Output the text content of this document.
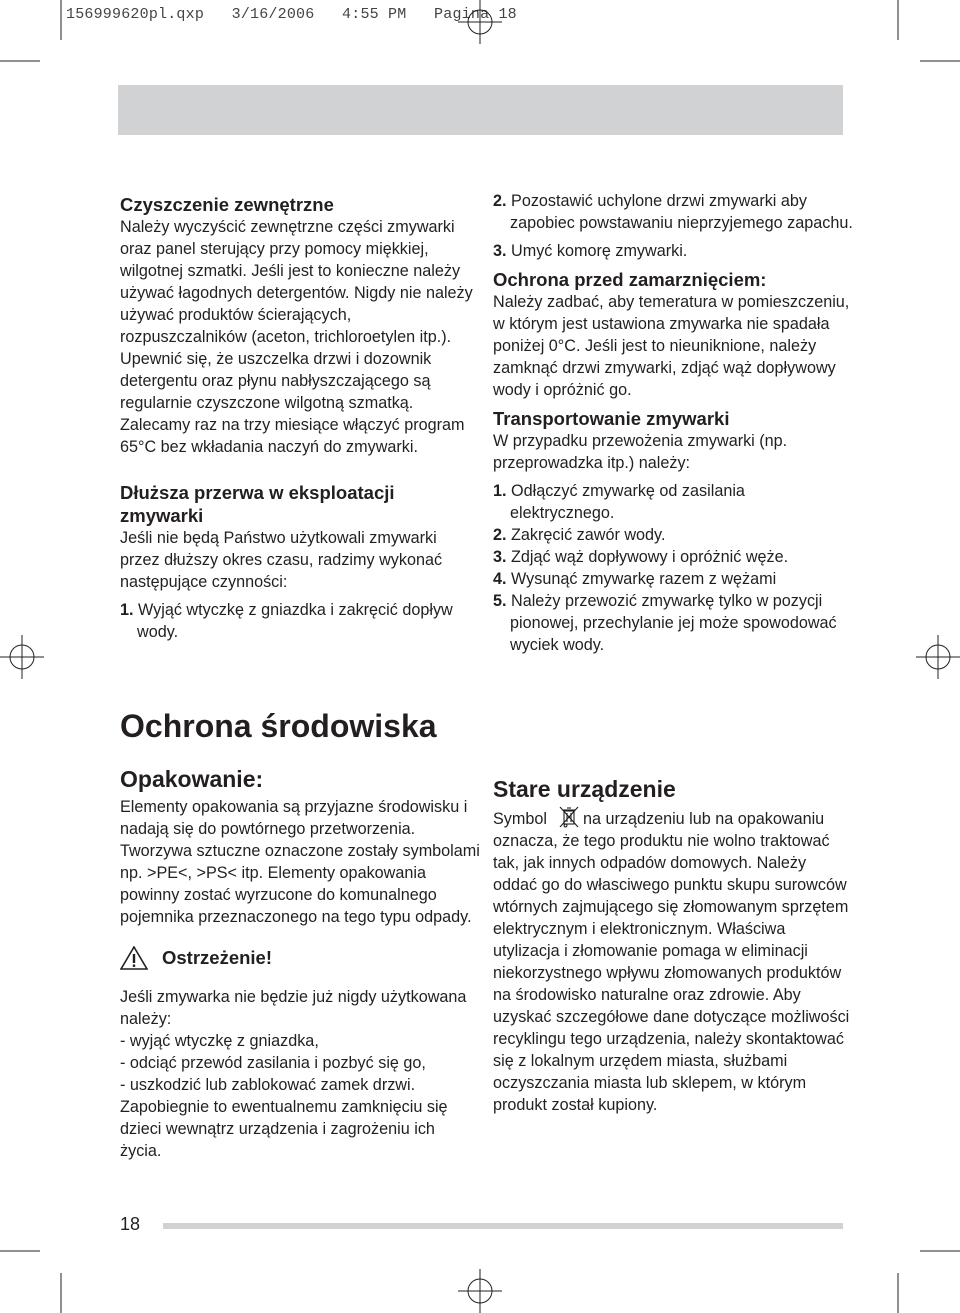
156999620pl.qxp   3/16/2006   4:55 PM   Pagina 18
Czyszczenie zewnętrzne

Należy wyczyścić zewnętrzne części zmywarki oraz panel sterujący przy pomocy miękkiej, wilgotnej szmatki. Jeśli jest to konieczne należy używać łagodnych detergentów. Nigdy nie należy używać produktów ścierających, rozpuszczalników (aceton, trichloroetylen itp.). Upewnić się, że uszczelka drzwi i dozownik detergentu oraz płynu nabłyszczającego są regularnie czyszczone wilgotną szmatką.

Zalecamy raz na trzy miesiące włączyć program 65°C bez wkładania naczyń do zmywarki.

Dłuższa przerwa w eksploatacji zmywarki

Jeśli nie będą Państwo użytkowali zmywarki przez dłuższy okres czasu, radzimy wykonać następujące czynności:

1. Wyjąć wtyczkę z gniazdka i zakręcić dopływ wody.

2. Pozostawić uchylone drzwi zmywarki aby zapobiec powstawaniu nieprzyjemego zapachu.

3. Umyć komorę zmywarki.

Ochrona przed zamarznięciem:

Należy zadbać, aby temeratura w pomieszczeniu, w którym jest ustawiona zmywarka nie spadała poniżej 0°C. Jeśli jest to nieuniknione, należy zamknąć drzwi zmywarki, zdjąć wąż dopływowy wody i opróżnić go.

Transportowanie zmywarki

W przypadku przewożenia zmywarki (np. przeprowadzka itp.) należy:

1. Odłączyć zmywarkę od zasilania elektrycznego.

2. Zakręcić zawór wody.

3. Zdjąć wąż dopływowy i opróżnić węże.

4. Wysunąć zmywarkę razem z wężami

5. Należy przewozić zmywarkę tylko w pozycji pionowej, przechylanie jej może spowodować wyciek wody.

Ochrona środowiska
Opakowanie:

Elementy opakowania są przyjazne środowisku i nadają się do powtórnego przetworzenia. Tworzywa sztuczne oznaczone zostały symbolami np. >PE<, >PS< itp. Elementy opakowania powinny zostać wyrzucone do komunalnego pojemnika przeznaczonego na tego typu odpady.

Ostrzeżenie!

Jeśli zmywarka nie będzie już nigdy użytkowana należy:

- wyjąć wtyczkę z gniazdka,

- odciąć przewód zasilania i pozbyć się go,

- uszkodzić lub zablokować zamek drzwi.

Zapobiegnie to ewentualnemu zamknięciu się dzieci wewnątrz urządzenia i zagrożeniu ich życia.

Stare urządzenie

Symbol na urządzeniu lub na opakowaniu oznacza, że tego produktu nie wolno traktować tak, jak innych odpadów domowych. Należy oddać go do własciwego punktu skupu surowców wtórnych zajmującego się złomowanym sprzętem elektrycznym i elektronicznym. Właściwa utylizacja i złomowanie pomaga w eliminacji niekorzystnego wpływu złomowanych produktów na środowisko naturalne oraz zdrowie. Aby uzyskać szczegółowe dane dotyczące możliwości recyklingu tego urządzenia, należy skontaktować się z lokalnym urzędem miasta, służbami oczyszczania miasta lub sklepem, w którym produkt został kupiony.

18
